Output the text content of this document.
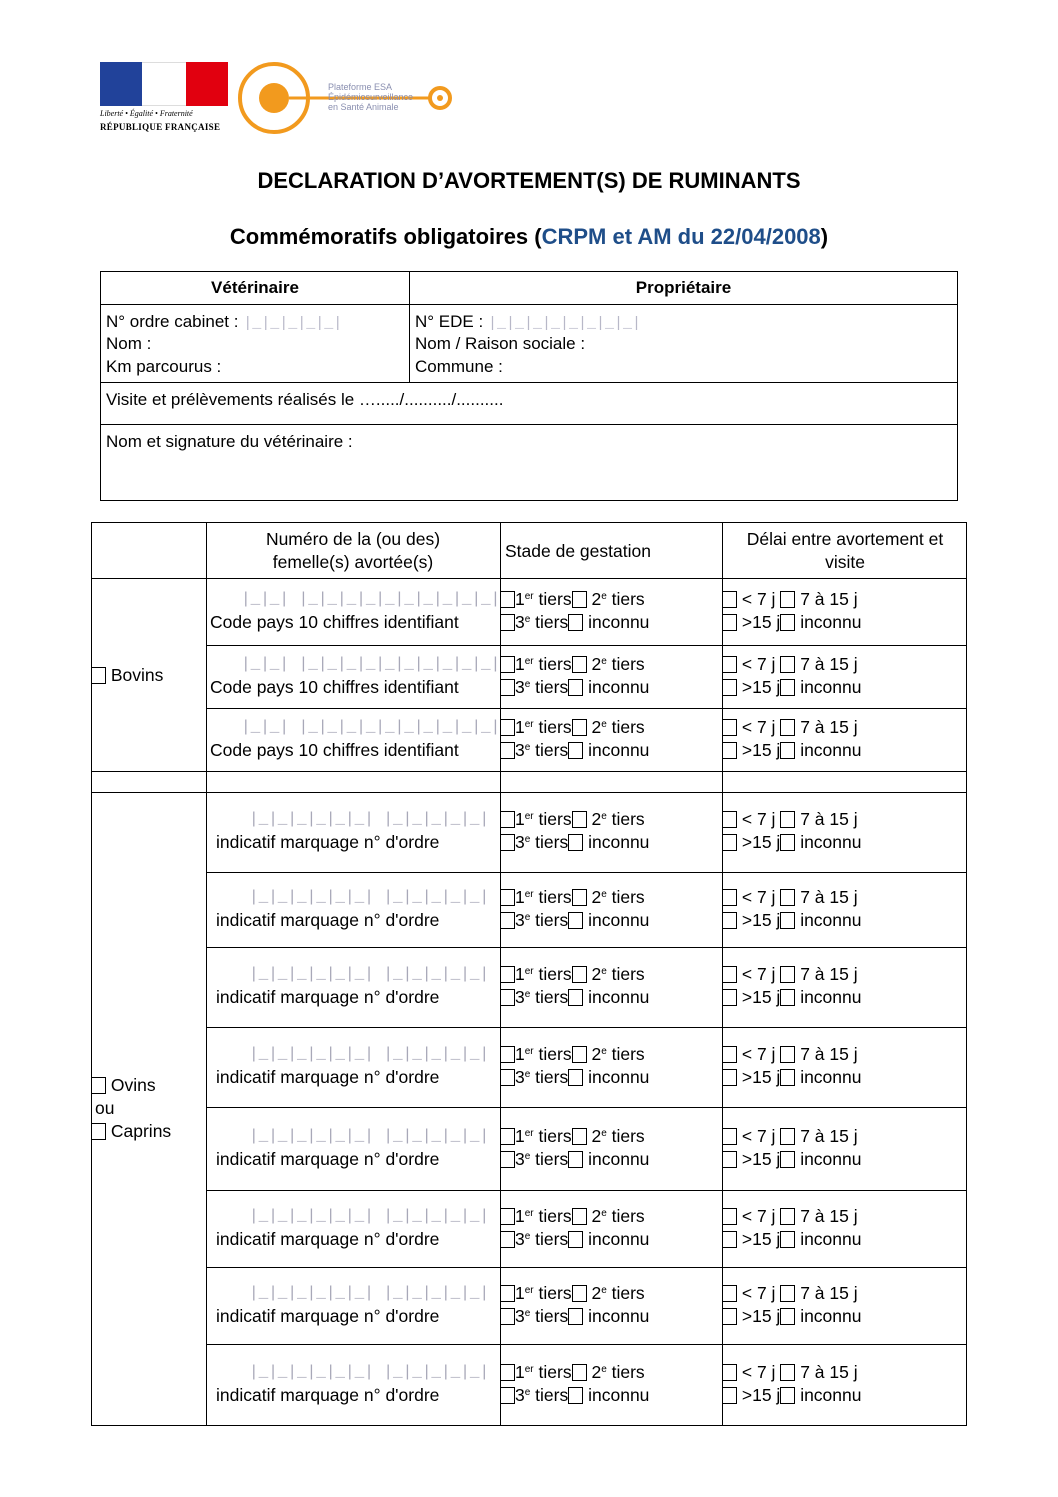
Liberté • Égalité • Fraternité
RÉPUBLIQUE FRANÇAISE
Plateforme ESA
Épidémiosurveillance
en Santé Animale
DECLARATION D’AVORTEMENT(S) DE RUMINANTS
Commémoratifs obligatoires (CRPM et AM du 22/04/2008)
Vétérinaire	Propriétaire
N° ordre cabinet : |_|_|_|_|_|
Nom :
Km parcourus :
N° EDE : |_|_|_|_|_|_|_|_|
Nom / Raison sociale :
Commune :
Visite et prélèvements réalisés le …...../........../..........
Nom et signature du vétérinaire :
Numéro de la (ou des)
femelle(s) avortée(s)
Stade de gestation
Délai entre avortement et
visite
Bovins
Ovins
ou
Caprins
|_|_| |_|_|_|_|_|_|_|_|_|_|
Code pays 10 chiffres identifiant
1er tiers 2e tiers
3e tiers inconnu
< 7 j 7 à 15 j
>15 j inconnu
|_|_| |_|_|_|_|_|_|_|_|_|_|
Code pays 10 chiffres identifiant
1er tiers 2e tiers
3e tiers inconnu
< 7 j 7 à 15 j
>15 j inconnu
|_|_| |_|_|_|_|_|_|_|_|_|_|
Code pays 10 chiffres identifiant
1er tiers 2e tiers
3e tiers inconnu
< 7 j 7 à 15 j
>15 j inconnu
|_|_|_|_|_|_| |_|_|_|_|_|
indicatif marquage n° d'ordre
1er tiers 2e tiers
3e tiers inconnu
< 7 j 7 à 15 j
>15 j inconnu
|_|_|_|_|_|_| |_|_|_|_|_|
indicatif marquage n° d'ordre
1er tiers 2e tiers
3e tiers inconnu
< 7 j 7 à 15 j
>15 j inconnu
|_|_|_|_|_|_| |_|_|_|_|_|
indicatif marquage n° d'ordre
1er tiers 2e tiers
3e tiers inconnu
< 7 j 7 à 15 j
>15 j inconnu
|_|_|_|_|_|_| |_|_|_|_|_|
indicatif marquage n° d'ordre
1er tiers 2e tiers
3e tiers inconnu
< 7 j 7 à 15 j
>15 j inconnu
|_|_|_|_|_|_| |_|_|_|_|_|
indicatif marquage n° d'ordre
1er tiers 2e tiers
3e tiers inconnu
< 7 j 7 à 15 j
>15 j inconnu
|_|_|_|_|_|_| |_|_|_|_|_|
indicatif marquage n° d'ordre
1er tiers 2e tiers
3e tiers inconnu
< 7 j 7 à 15 j
>15 j inconnu
|_|_|_|_|_|_| |_|_|_|_|_|
indicatif marquage n° d'ordre
1er tiers 2e tiers
3e tiers inconnu
< 7 j 7 à 15 j
>15 j inconnu
|_|_|_|_|_|_| |_|_|_|_|_|
indicatif marquage n° d'ordre
1er tiers 2e tiers
3e tiers inconnu
< 7 j 7 à 15 j
>15 j inconnu
